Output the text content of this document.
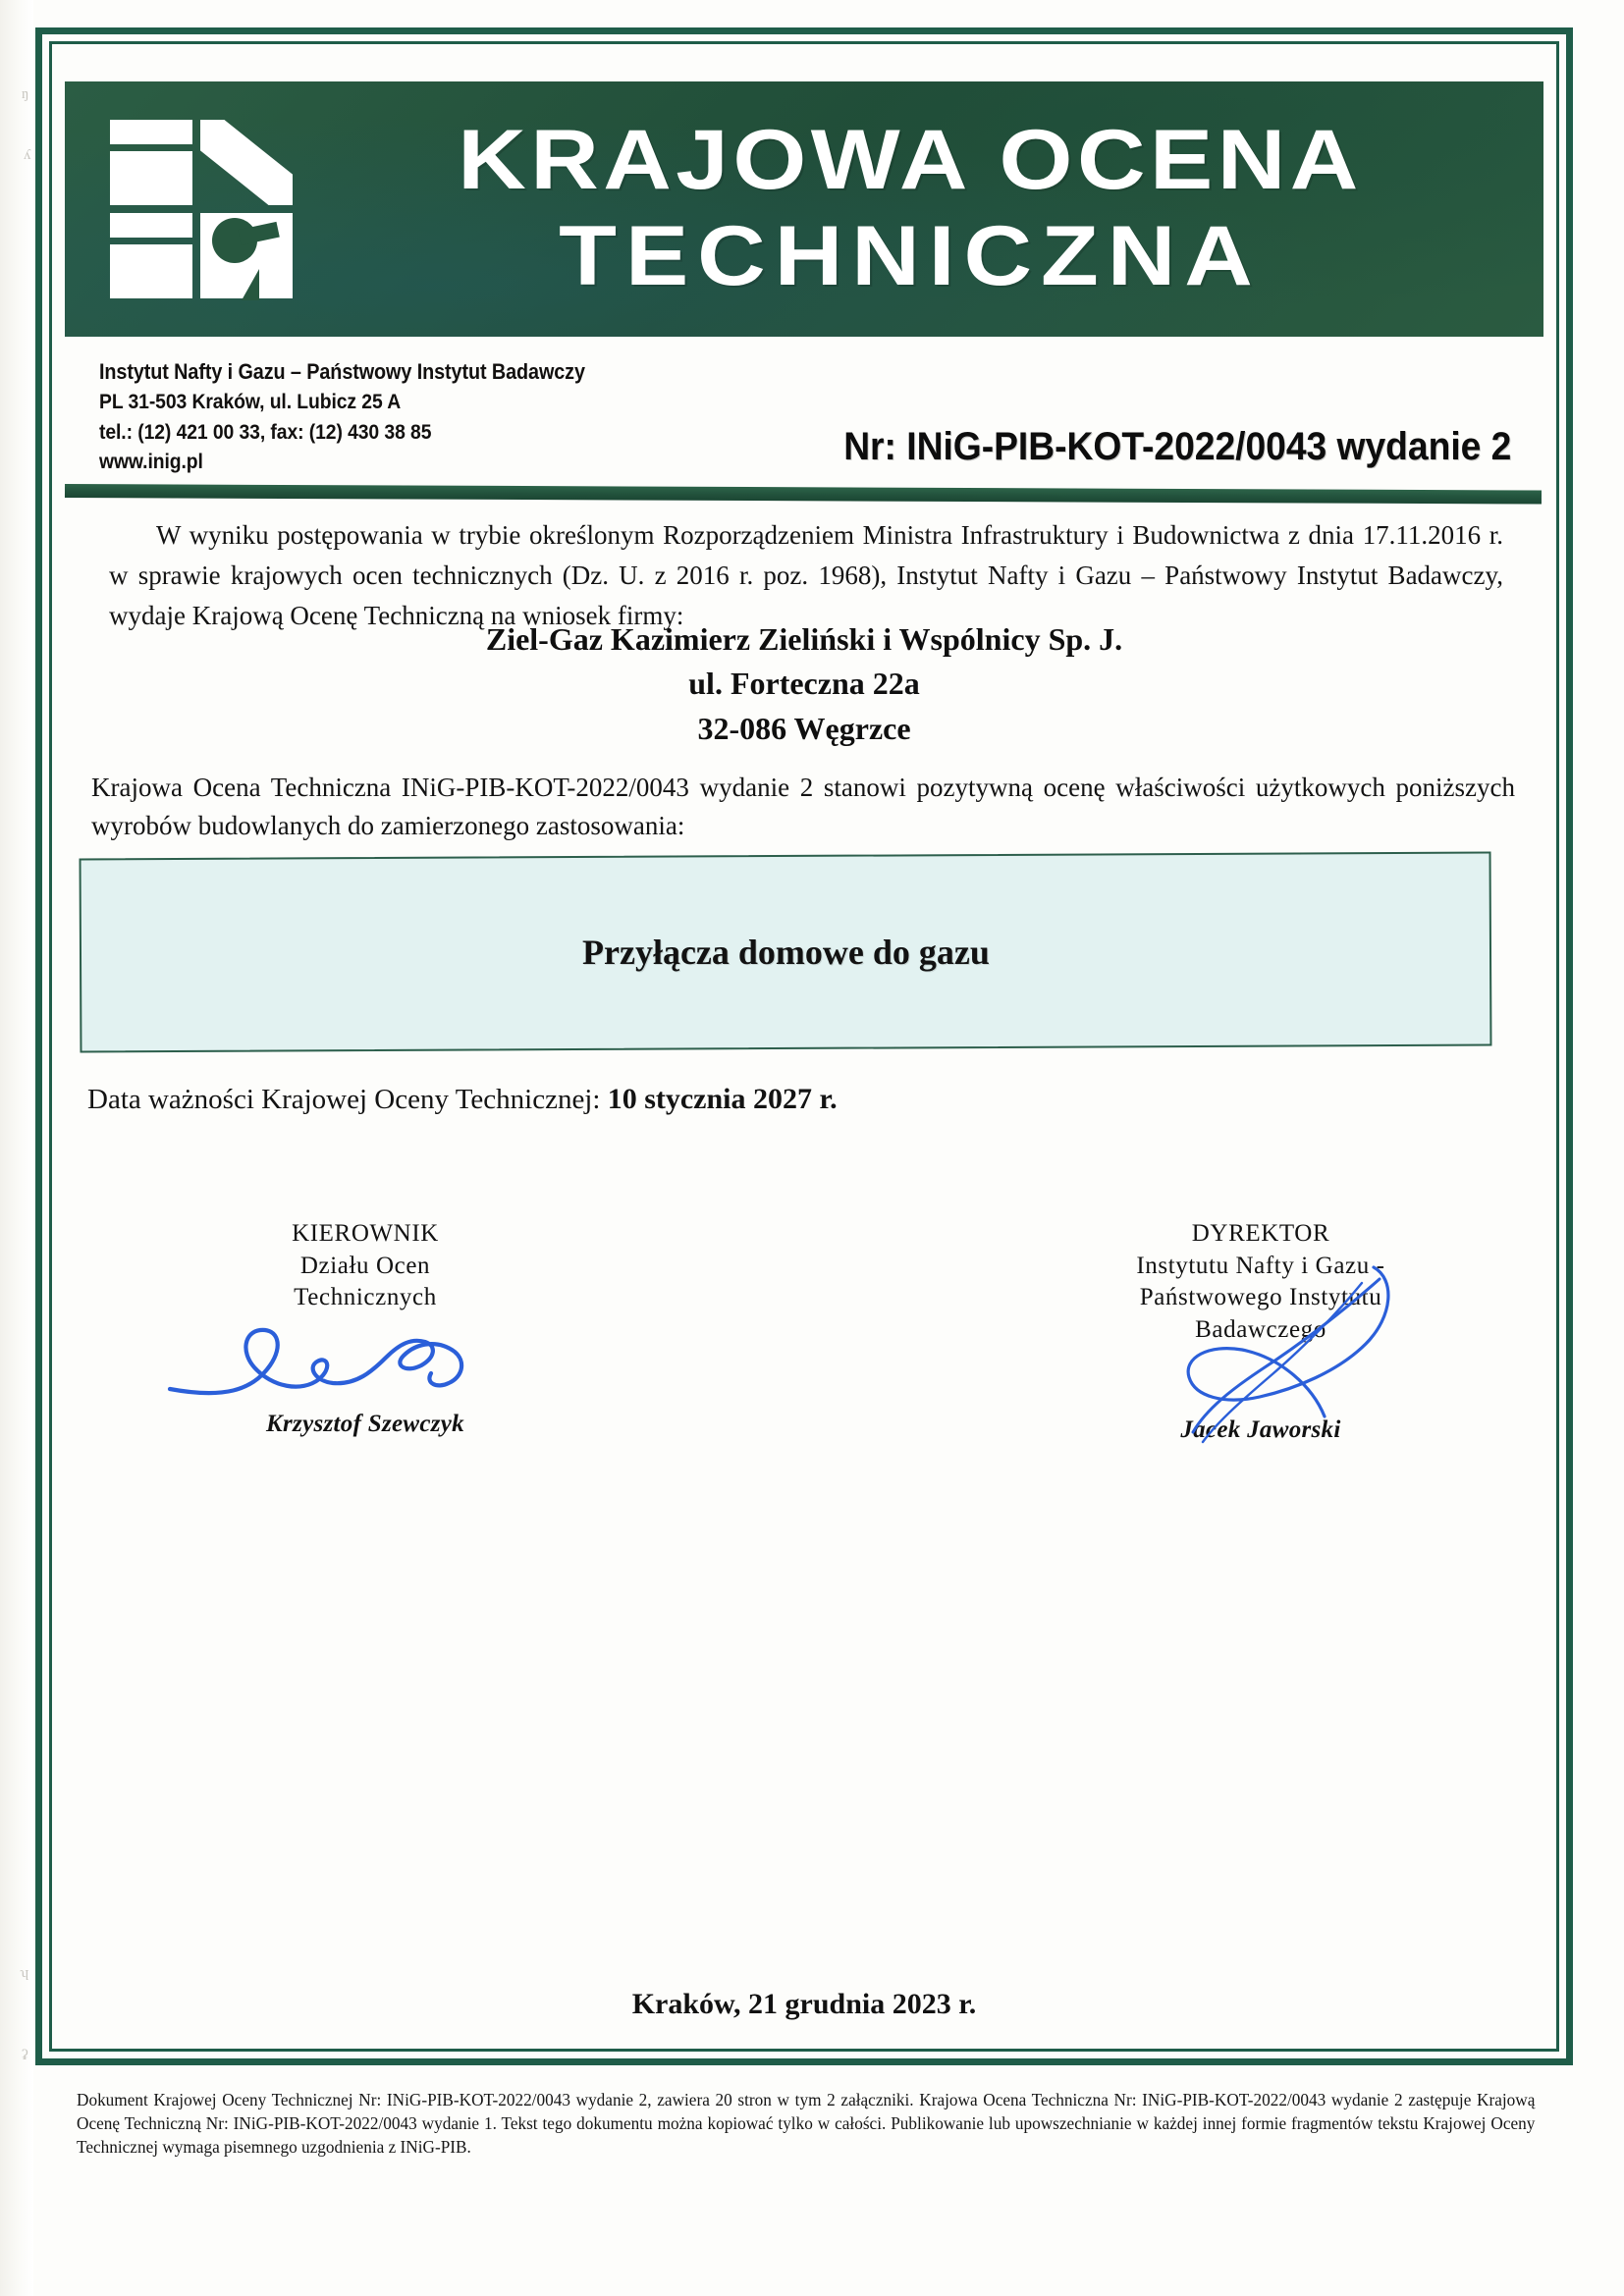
ŋ
ʎ
ʮ
ʡ
KRAJOWA OCENA
TECHNICZNA
Instytut Nafty i Gazu – Państwowy Instytut Badawczy
PL 31-503 Kraków, ul. Lubicz 25 A
tel.: (12) 421 00 33, fax: (12) 430 38 85
www.inig.pl	Nr: INiG-PIB-KOT-2022/0043 wydanie 2
W wyniku postępowania w trybie określonym Rozporządzeniem Ministra Infrastruktury i Budownictwa z dnia 17.11.2016 r. w sprawie krajowych ocen technicznych (Dz. U. z 2016 r. poz. 1968), Instytut Nafty i Gazu – Państwowy Instytut Badawczy, wydaje Krajową Ocenę Techniczną na wniosek firmy:
Ziel-Gaz Kazimierz Zieliński i Wspólnicy Sp. J.
ul. Forteczna 22a
32-086 Węgrzce
Krajowa Ocena Techniczna INiG-PIB-KOT-2022/0043 wydanie 2 stanowi pozytywną ocenę właściwości użytkowych poniższych wyrobów budowlanych do zamierzonego zastosowania:
Przyłącza domowe do gazu
Data ważności Krajowej Oceny Technicznej: 10 stycznia 2027 r.
KIEROWNIK
Działu Ocen
Technicznych
Krzysztof Szewczyk
DYREKTOR
Instytutu Nafty i Gazu -
Państwowego Instytutu
Badawczego
Jacek Jaworski
Kraków, 21 grudnia 2023 r.
Dokument Krajowej Oceny Technicznej Nr: INiG-PIB-KOT-2022/0043 wydanie 2, zawiera 20 stron w tym 2 załączniki. Krajowa Ocena Techniczna Nr: INiG-PIB-KOT-2022/0043 wydanie 2 zastępuje Krajową Ocenę Techniczną Nr: INiG-PIB-KOT-2022/0043 wydanie 1. Tekst tego dokumentu można kopiować tylko w całości. Publikowanie lub upowszechnianie w każdej innej formie fragmentów tekstu Krajowej Oceny Technicznej wymaga pisemnego uzgodnienia z INiG-PIB.
